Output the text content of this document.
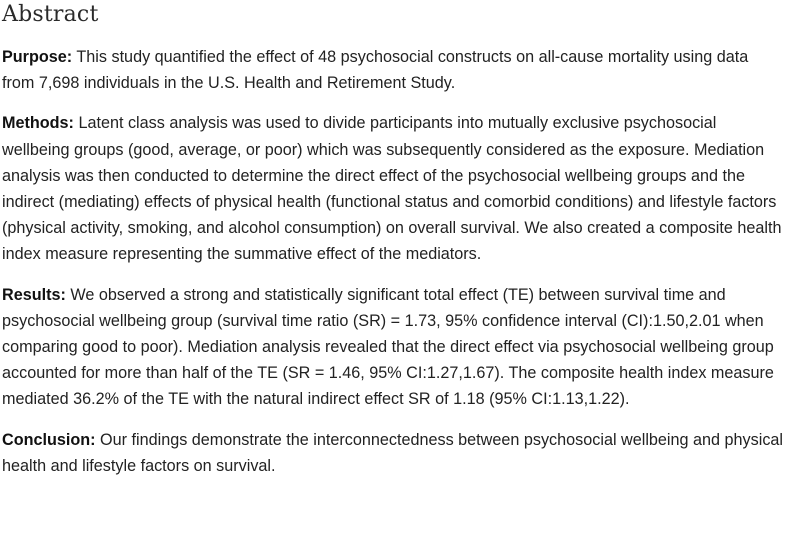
Abstract

Purpose: This study quantified the effect of 48 psychosocial constructs on all-cause mortality using data from 7,698 individuals in the U.S. Health and Retirement Study.

Methods: Latent class analysis was used to divide participants into mutually exclusive psychosocial wellbeing groups (good, average, or poor) which was subsequently considered as the exposure. Mediation analysis was then conducted to determine the direct effect of the psychosocial wellbeing groups and the indirect (mediating) effects of physical health (functional status and comorbid conditions) and lifestyle factors (physical activity, smoking, and alcohol consumption) on overall survival. We also created a composite health index measure representing the summative effect of the mediators.

Results: We observed a strong and statistically significant total effect (TE) between survival time and psychosocial wellbeing group (survival time ratio (SR) = 1.73, 95% confidence interval (CI):1.50,2.01 when comparing good to poor). Mediation analysis revealed that the direct effect via psychosocial wellbeing group accounted for more than half of the TE (SR = 1.46, 95% CI:1.27,1.67). The composite health index measure mediated 36.2% of the TE with the natural indirect effect SR of 1.18 (95% CI:1.13,1.22).

Conclusion: Our findings demonstrate the interconnectedness between psychosocial wellbeing and physical health and lifestyle factors on survival.
